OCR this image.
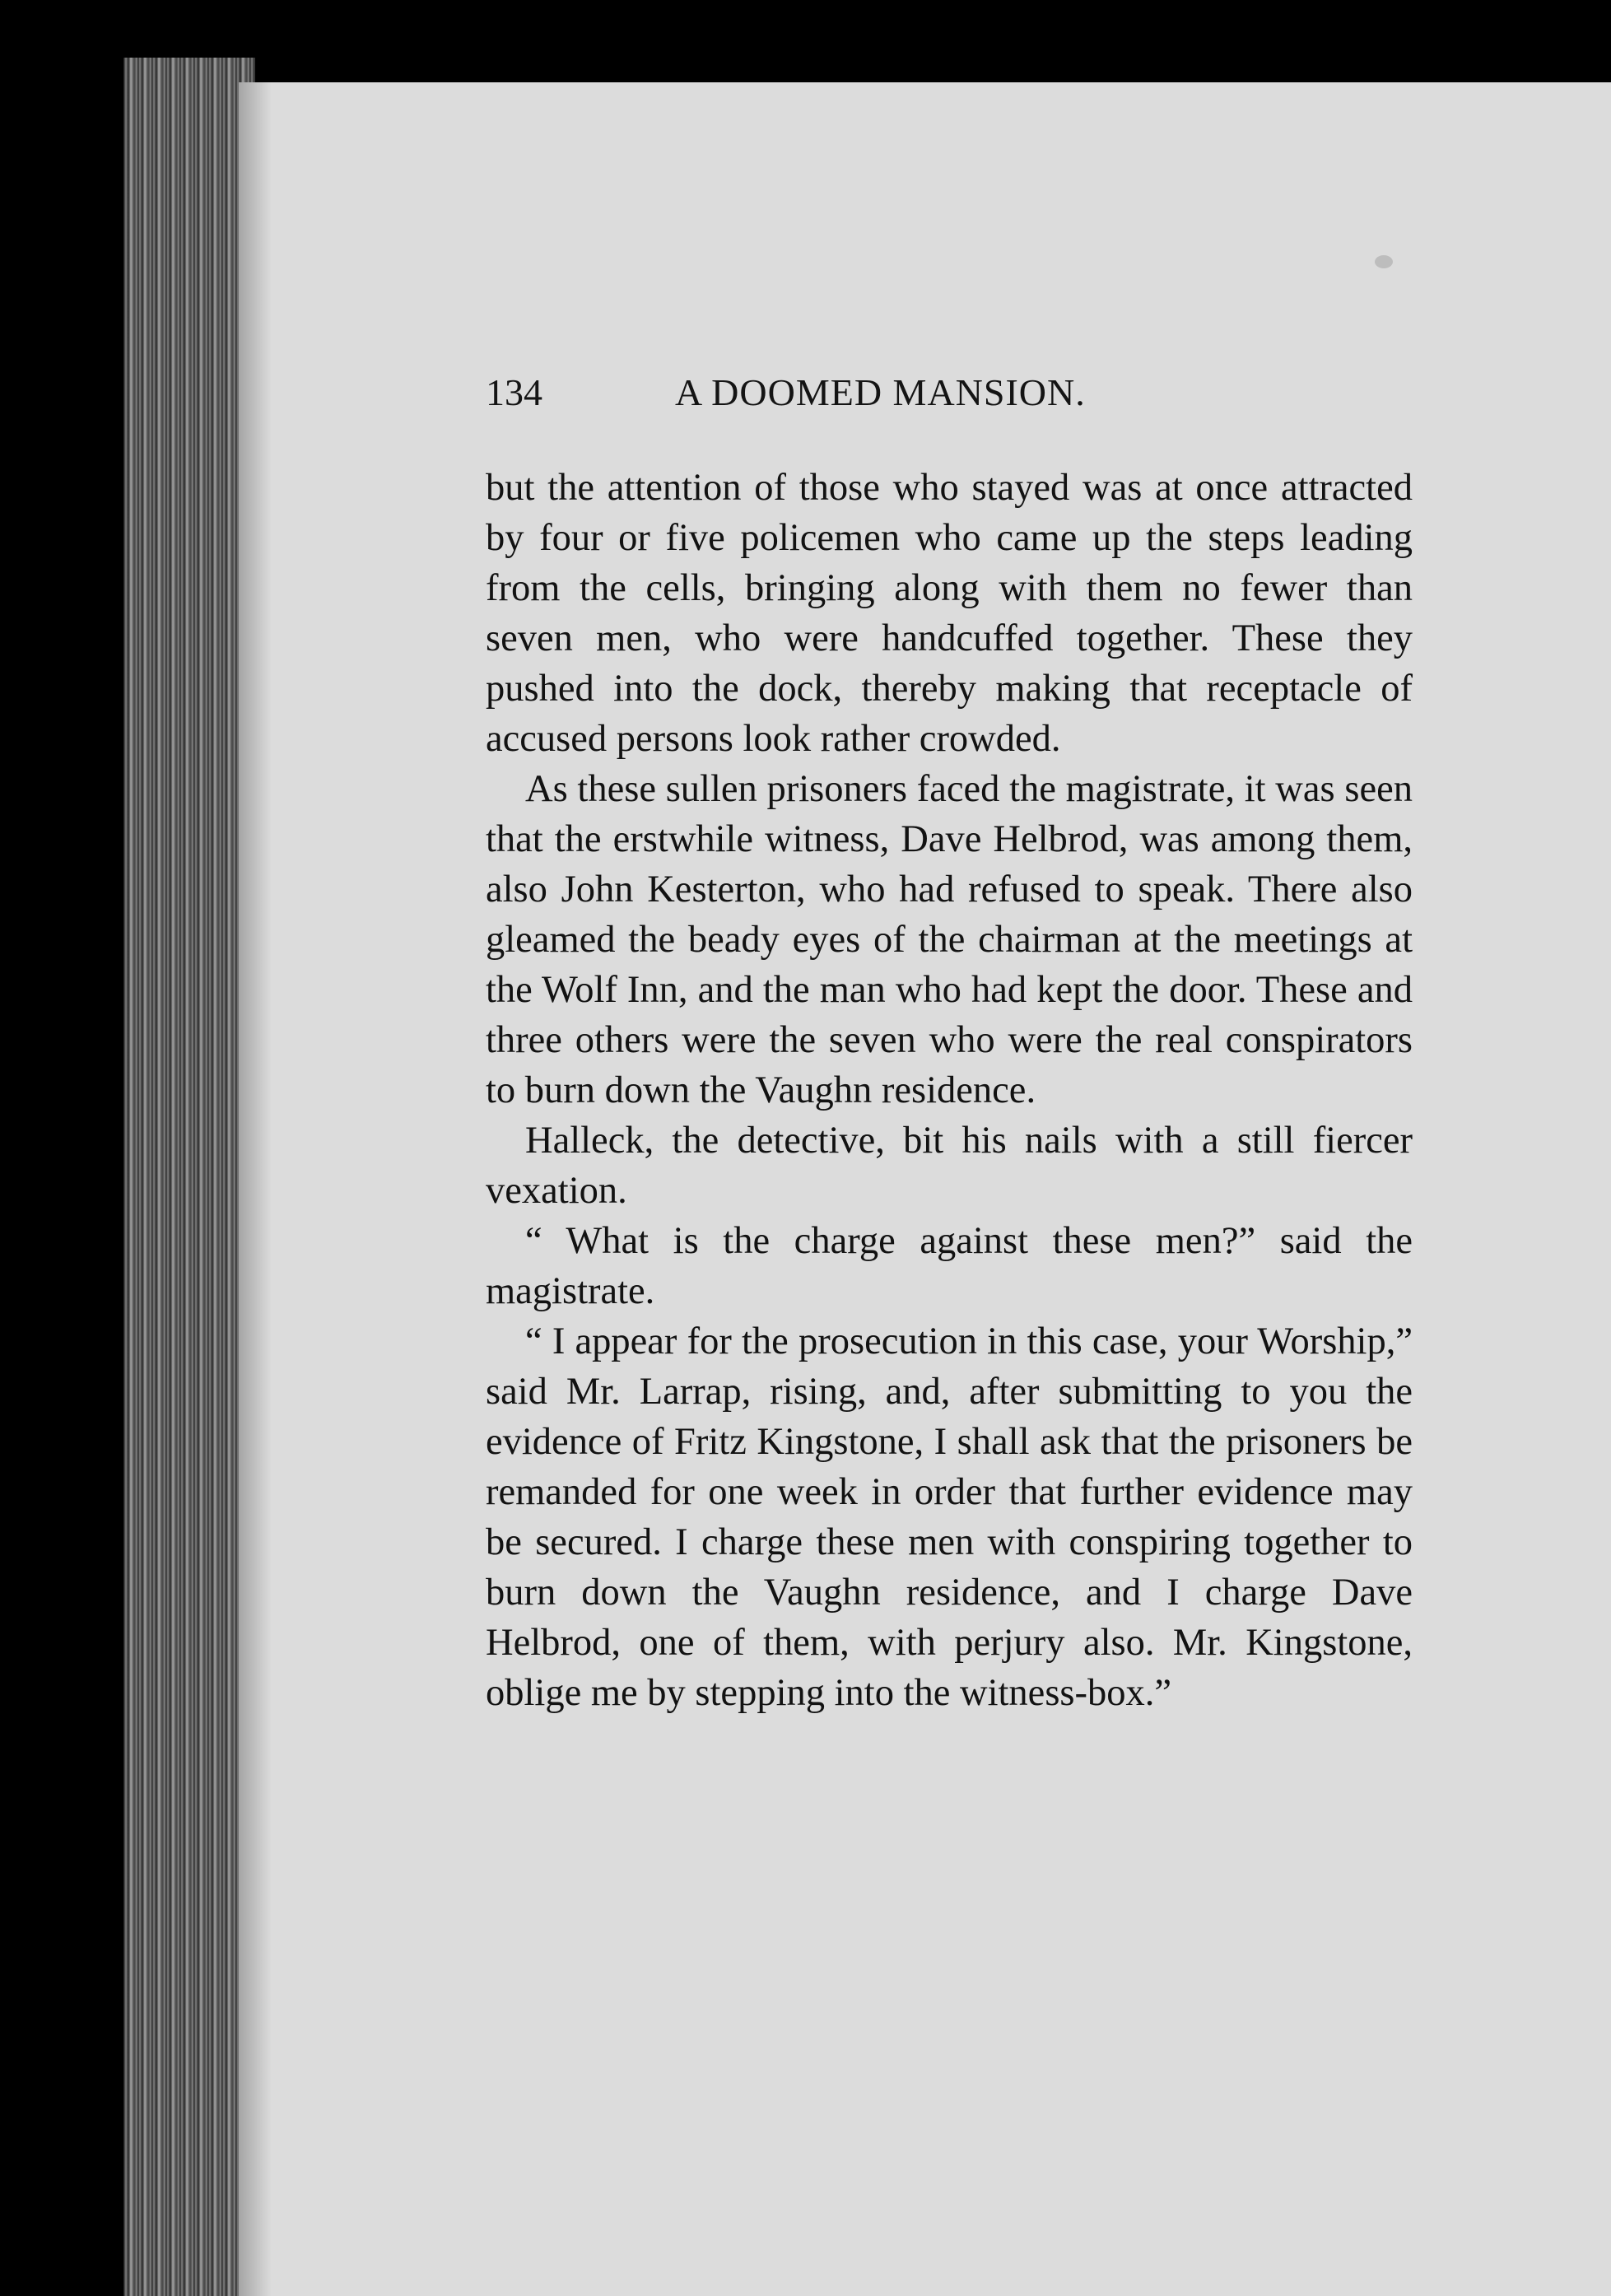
134	A DOOMED MANSION.

but the attention of those who stayed was at once attracted by four or five policemen who came up the steps leading from the cells, bringing along with them no fewer than seven men, who were handcuffed together. These they pushed into the dock, thereby making that receptacle of accused persons look rather crowded.

As these sullen prisoners faced the magistrate, it was seen that the erstwhile witness, Dave Helbrod, was among them, also John Kesterton, who had refused to speak. There also gleamed the beady eyes of the chairman at the meetings at the Wolf Inn, and the man who had kept the door. These and three others were the seven who were the real conspirators to burn down the Vaughn residence.

Halleck, the detective, bit his nails with a still fiercer vexation.

“ What is the charge against these men?” said the magistrate.

“ I appear for the prosecution in this case, your Worship,” said Mr. Larrap, rising, and, after submitting to you the evidence of Fritz Kingstone, I shall ask that the prisoners be remanded for one week in order that further evidence may be secured. I charge these men with conspiring together to burn down the Vaughn residence, and I charge Dave Helbrod, one of them, with perjury also. Mr. Kingstone, oblige me by stepping into the witness-box.”
